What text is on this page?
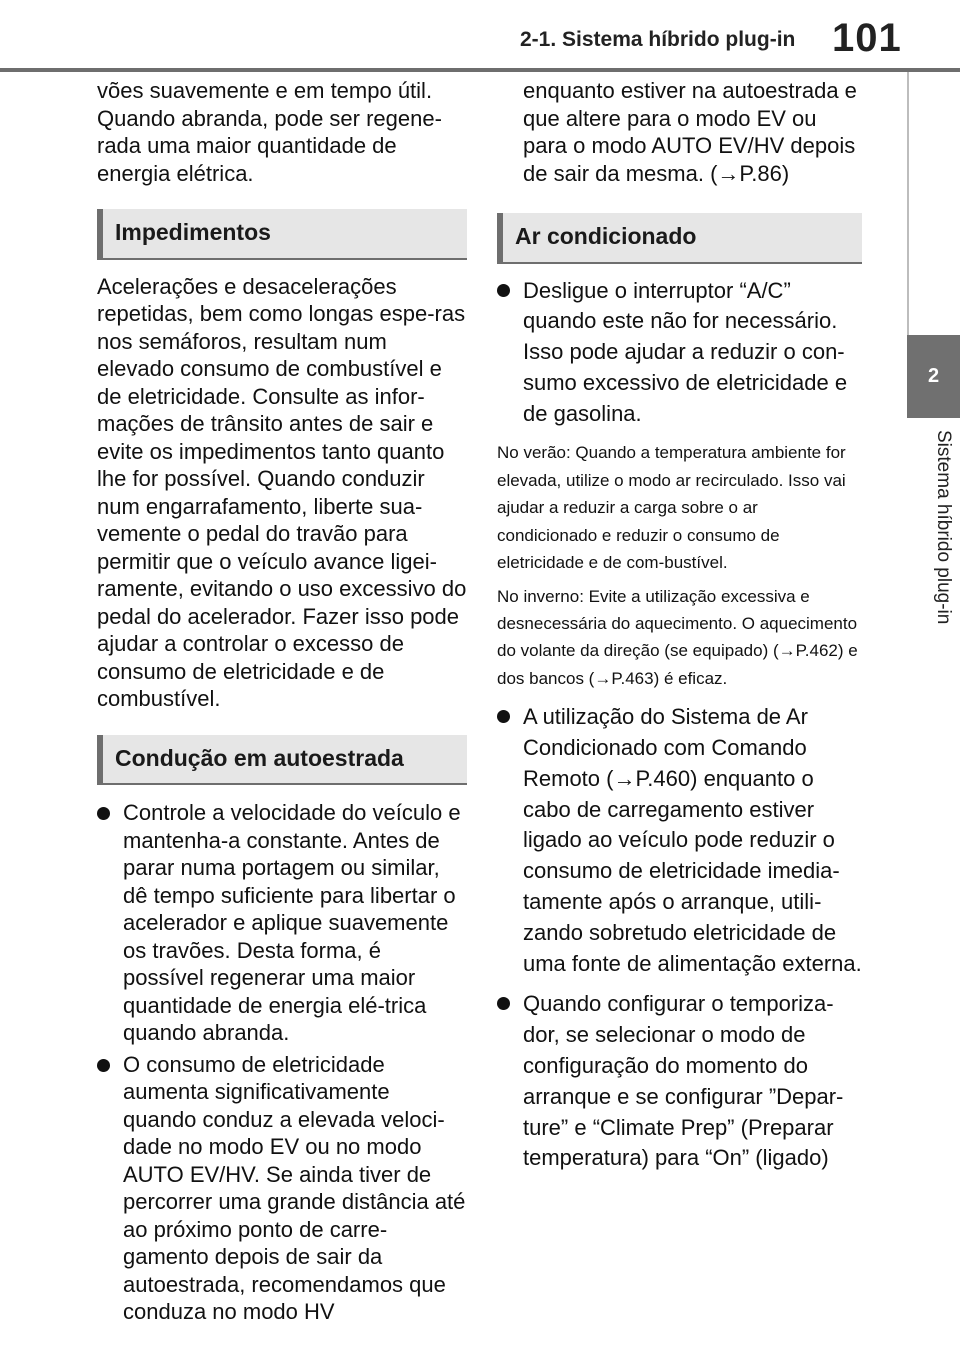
2-1. Sistema híbrido plug-in 101
2
Sistema híbrido plug-in

vões suavemente e em tempo útil. Quando abranda, pode ser regene-rada uma maior quantidade de energia elétrica.

Impedimentos

Acelerações e desacelerações repetidas, bem como longas espe-ras nos semáforos, resultam num elevado consumo de combustível e de eletricidade. Consulte as infor-mações de trânsito antes de sair e evite os impedimentos tanto quanto lhe for possível. Quando conduzir num engarrafamento, liberte sua-vemente o pedal do travão para permitir que o veículo avance ligei-ramente, evitando o uso excessivo do pedal do acelerador. Fazer isso pode ajudar a controlar o excesso de consumo de eletricidade e de combustível.

Condução em autoestrada

Controle a velocidade do veículo e mantenha-a constante. Antes de parar numa portagem ou similar, dê tempo suficiente para libertar o acelerador e aplique suavemente os travões. Desta forma, é possível regenerar uma maior quantidade de energia elé-trica quando abranda.

O consumo de eletricidade aumenta significativamente quando conduz a elevada veloci-dade no modo EV ou no modo AUTO EV/HV. Se ainda tiver de percorrer uma grande distância até ao próximo ponto de carre-gamento depois de sair da autoestrada, recomendamos que conduza no modo HV

enquanto estiver na autoestrada e que altere para o modo EV ou para o modo AUTO EV/HV depois de sair da mesma. (→P.86)

Ar condicionado

Desligue o interruptor “A/C” quando este não for necessário. Isso pode ajudar a reduzir o con-sumo excessivo de eletricidade e de gasolina.

No verão: Quando a temperatura ambiente for elevada, utilize o modo ar recirculado. Isso vai ajudar a reduzir a carga sobre o ar condicionado e reduzir o consumo de eletricidade e de com-bustível.

No inverno: Evite a utilização excessiva e desnecessária do aquecimento. O aquecimento do volante da direção (se equipado) (→P.462) e dos bancos (→P.463) é eficaz.

A utilização do Sistema de Ar Condicionado com Comando Remoto (→P.460) enquanto o cabo de carregamento estiver ligado ao veículo pode reduzir o consumo de eletricidade imedia-tamente após o arranque, utili-zando sobretudo eletricidade de uma fonte de alimentação externa.

Quando configurar o temporiza-dor, se selecionar o modo de configuração do momento do arranque e se configurar ”Depar-ture” e “Climate Prep” (Preparar temperatura) para “On” (ligado)
